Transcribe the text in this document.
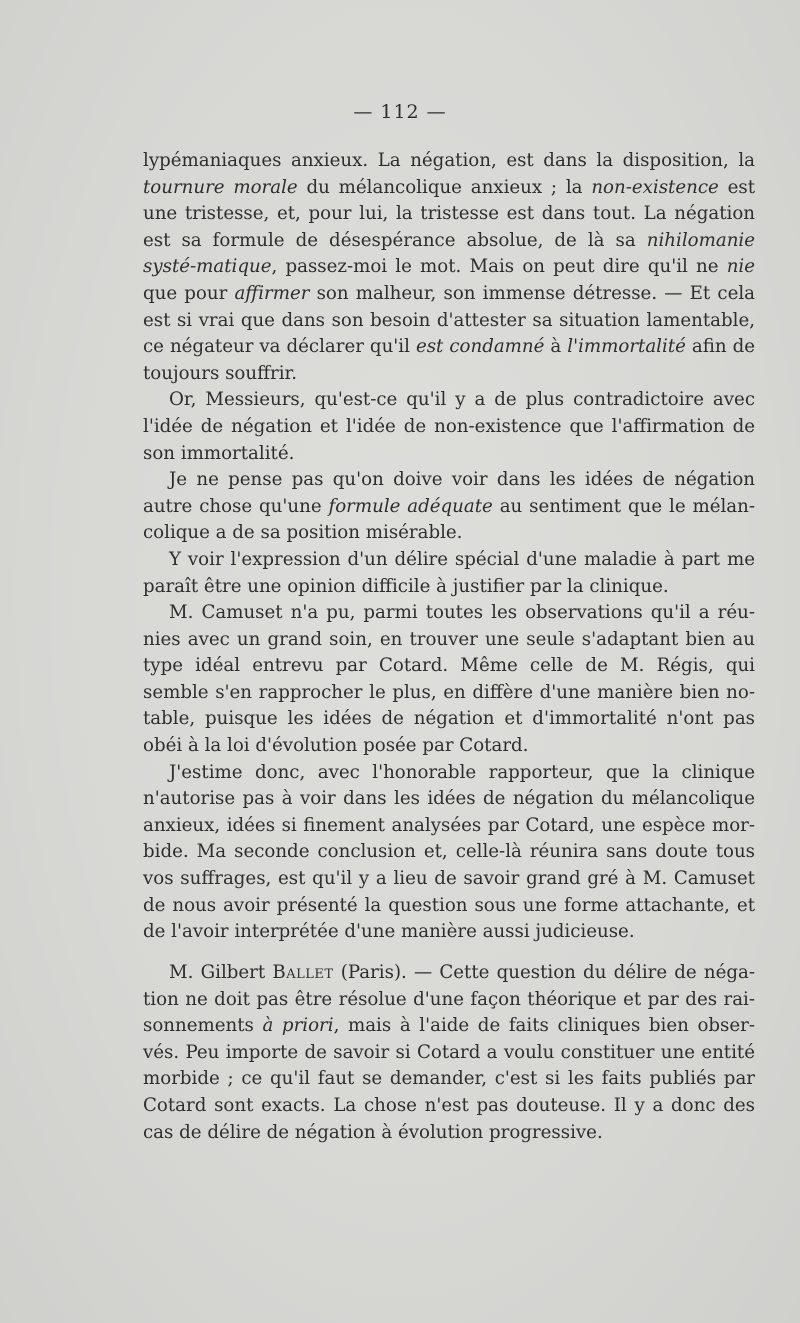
— 112 —

lypémaniaques anxieux. La négation, est dans la disposition, la tournure morale du mélancolique anxieux ; la non-existence est une tristesse, et, pour lui, la tristesse est dans tout. La négation est sa formule de désespérance absolue, de là sa nihilomanie systé-matique, passez-moi le mot. Mais on peut dire qu'il ne nie que pour affirmer son malheur, son immense détresse. — Et cela est si vrai que dans son besoin d'attester sa situation lamentable, ce négateur va déclarer qu'il est condamné à l'immortalité afin de toujours souffrir.

Or, Messieurs, qu'est-ce qu'il y a de plus contradictoire avec l'idée de négation et l'idée de non-existence que l'affirmation de son immortalité.

Je ne pense pas qu'on doive voir dans les idées de négation autre chose qu'une formule adéquate au sentiment que le mélan-colique a de sa position misérable.

Y voir l'expression d'un délire spécial d'une maladie à part me paraît être une opinion difficile à justifier par la clinique.

M. Camuset n'a pu, parmi toutes les observations qu'il a réu-nies avec un grand soin, en trouver une seule s'adaptant bien au type idéal entrevu par Cotard. Même celle de M. Régis, qui semble s'en rapprocher le plus, en diffère d'une manière bien no-table, puisque les idées de négation et d'immortalité n'ont pas obéi à la loi d'évolution posée par Cotard.

J'estime donc, avec l'honorable rapporteur, que la clinique n'autorise pas à voir dans les idées de négation du mélancolique anxieux, idées si finement analysées par Cotard, une espèce mor-bide. Ma seconde conclusion et, celle-là réunira sans doute tous vos suffrages, est qu'il y a lieu de savoir grand gré à M. Camuset de nous avoir présenté la question sous une forme attachante, et de l'avoir interprétée d'une manière aussi judicieuse.

M. Gilbert Ballet (Paris). — Cette question du délire de néga-tion ne doit pas être résolue d'une façon théorique et par des rai-sonnements à priori, mais à l'aide de faits cliniques bien obser-vés. Peu importe de savoir si Cotard a voulu constituer une entité morbide ; ce qu'il faut se demander, c'est si les faits publiés par Cotard sont exacts. La chose n'est pas douteuse. Il y a donc des cas de délire de négation à évolution progressive.
